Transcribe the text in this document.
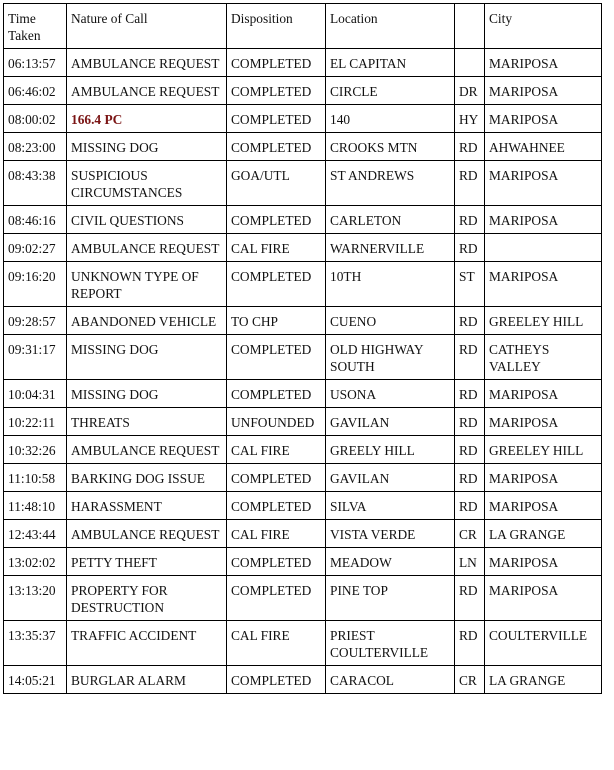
Time Taken	Nature of Call	Disposition	Location		City
06:13:57	AMBULANCE REQUEST	COMPLETED	EL CAPITAN		MARIPOSA
06:46:02	AMBULANCE REQUEST	COMPLETED	CIRCLE	DR	MARIPOSA
08:00:02	166.4 PC	COMPLETED	140	HY	MARIPOSA
08:23:00	MISSING DOG	COMPLETED	CROOKS MTN	RD	AHWAHNEE
08:43:38	SUSPICIOUS CIRCUMSTANCES	GOA/UTL	ST ANDREWS	RD	MARIPOSA
08:46:16	CIVIL QUESTIONS	COMPLETED	CARLETON	RD	MARIPOSA
09:02:27	AMBULANCE REQUEST	CAL FIRE	WARNERVILLE	RD	
09:16:20	UNKNOWN TYPE OF REPORT	COMPLETED	10TH	ST	MARIPOSA
09:28:57	ABANDONED VEHICLE	TO CHP	CUENO	RD	GREELEY HILL
09:31:17	MISSING DOG	COMPLETED	OLD HIGHWAY SOUTH	RD	CATHEYS VALLEY
10:04:31	MISSING DOG	COMPLETED	USONA	RD	MARIPOSA
10:22:11	THREATS	UNFOUNDED	GAVILAN	RD	MARIPOSA
10:32:26	AMBULANCE REQUEST	CAL FIRE	GREELY HILL	RD	GREELEY HILL
11:10:58	BARKING DOG ISSUE	COMPLETED	GAVILAN	RD	MARIPOSA
11:48:10	HARASSMENT	COMPLETED	SILVA	RD	MARIPOSA
12:43:44	AMBULANCE REQUEST	CAL FIRE	VISTA VERDE	CR	LA GRANGE
13:02:02	PETTY THEFT	COMPLETED	MEADOW	LN	MARIPOSA
13:13:20	PROPERTY FOR DESTRUCTION	COMPLETED	PINE TOP	RD	MARIPOSA
13:35:37	TRAFFIC ACCIDENT	CAL FIRE	PRIEST COULTERVILLE	RD	COULTERVILLE
14:05:21	BURGLAR ALARM	COMPLETED	CARACOL	CR	LA GRANGE
